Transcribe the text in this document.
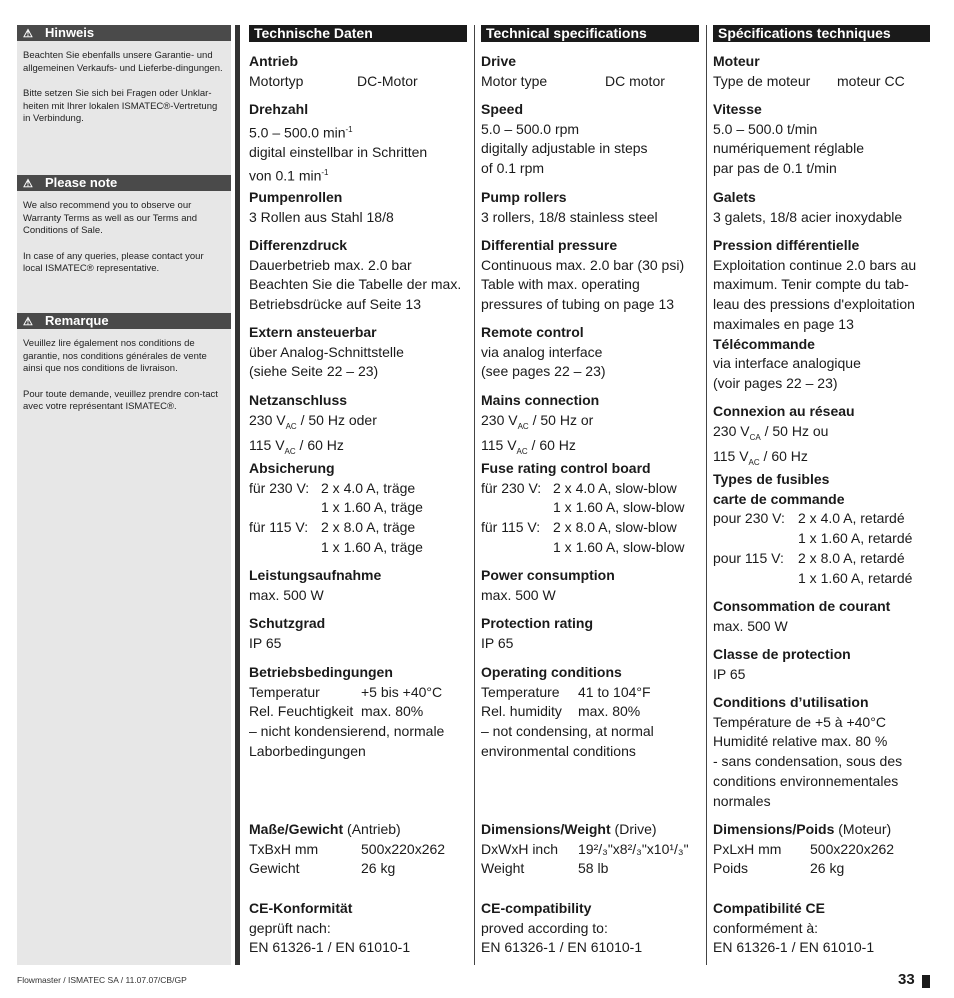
⚠ Hinweis

Beachten Sie ebenfalls unsere Garantie- und allgemeinen Verkaufs- und Lieferbe-dingungen.

Bitte setzen Sie sich bei Fragen oder Unklar-heiten mit Ihrer lokalen ISMATEC®-Vertretung in Verbindung.

⚠ Please note

We also recommend you to observe our Warranty Terms as well as our Terms and Conditions of Sale.

In case of any queries, please contact your local ISMATEC® representative.

⚠ Remarque

Veuillez lire également nos conditions de garantie, nos conditions générales de vente ainsi que nos conditions de livraison.

Pour toute demande, veuillez prendre con-tact avec votre représentant ISMATEC®.

Technische Daten
Antrieb
Motortyp	DC-Motor
Drehzahl
5.0 – 500.0 $\min^{-1}$
digital einstellbar in Schritten
von 0.1 $\min^{-1}$
Pumpenrollen
3 Rollen aus Stahl 18/8
Differenzdruck
Dauerbetrieb max. 2.0 bar
Beachten Sie die Tabelle der max.
Betriebsdrücke auf Seite 13
Extern ansteuerbar
über Analog-Schnittstelle
(siehe Seite 22 – 23)
Netzanschluss
230 $V_{AC} / 50$ Hz oder
115 $V_{AC} / 60$ Hz
Absicherung
für 230 V: 2 x 4.0 A, träge
1 x 1.60 A, träge
für 115 V: 2 x 8.0 A, träge
1 x 1.60 A, träge
Leistungsaufnahme
max. 500 W
Schutzgrad
IP 65
Betriebsbedingungen
Temperatur	+5 bis +40°C
Rel. Feuchtigkeit max. 80%
– nicht kondensierend, normale
Laborbedingungen
Maße/Gewicht (Antrieb)
TxBxH mm	500x220x262
Gewicht	26 kg
CE-Konformität
geprüft nach:
EN 61326-1 / EN 61010-1
Technical specifications
Drive
Motor type	DC motor
Speed
5.0 – 500.0 rpm
digitally adjustable in steps
of 0.1 rpm
Pump rollers
3 rollers, 18/8 stainless steel
Differential pressure
Continuous max. 2.0 bar (30 psi)
Table with max. operating
pressures of tubing on page 13
Remote control
via analog interface
(see pages 22 – 23)
Mains connection
230 $V_{AC} / 50$ Hz or
115 $V_{AC} / 60$ Hz
Fuse rating control board
für 230 V: 2 x 4.0 A, slow-blow
1 x 1.60 A, slow-blow
für 115 V: 2 x 8.0 A, slow-blow
1 x 1.60 A, slow-blow
Power consumption
max. 500 W
Protection rating
IP 65
Operating conditions
Temperature	41 to 104°F
Rel. humidity	max. 80%
– not condensing, at normal
environmental conditions
Dimensions/Weight (Drive)
DxWxH inch	19²/₃"x8²/₃"x10¹/₃"
Weight	58 lb
CE-compatibility
proved according to:
EN 61326-1 / EN 61010-1
Spécifications techniques
Moteur
Type de moteur	moteur CC
Vitesse
5.0 – 500.0 t/min
numériquement réglable
par pas de 0.1 t/min
Galets
3 galets, 18/8 acier inoxydable
Pression différentielle
Exploitation continue 2.0 bars au
maximum. Tenir compte du tab-
leau des pressions d'exploitation
maximales en page 13
Télécommande
via interface analogique
(voir pages 22 – 23)
Connexion au réseau
230 $V_{CA} / 50$ Hz ou
115 $V_{AC} / 60$ Hz
Types de fusibles
carte de commande
pour 230 V: 2 x 4.0 A, retardé
1 x 1.60 A, retardé
pour 115 V:	2 x 8.0 A, retardé
1 x 1.60 A, retardé
Consommation de courant
max. 500 W
Classe de protection
IP 65
Conditions d’utilisation
Température de +5 à +40°C
Humidité relative max. 80 %
- sans condensation, sous des
conditions environnementales
normales
Dimensions/Poids (Moteur)
PxLxH mm	500x220x262
Poids	26 kg
Compatibilité CE
conformément à:
EN 61326-1 / EN 61010-1
Flowmaster / ISMATEC SA / 11.07.07/CB/GP	33
